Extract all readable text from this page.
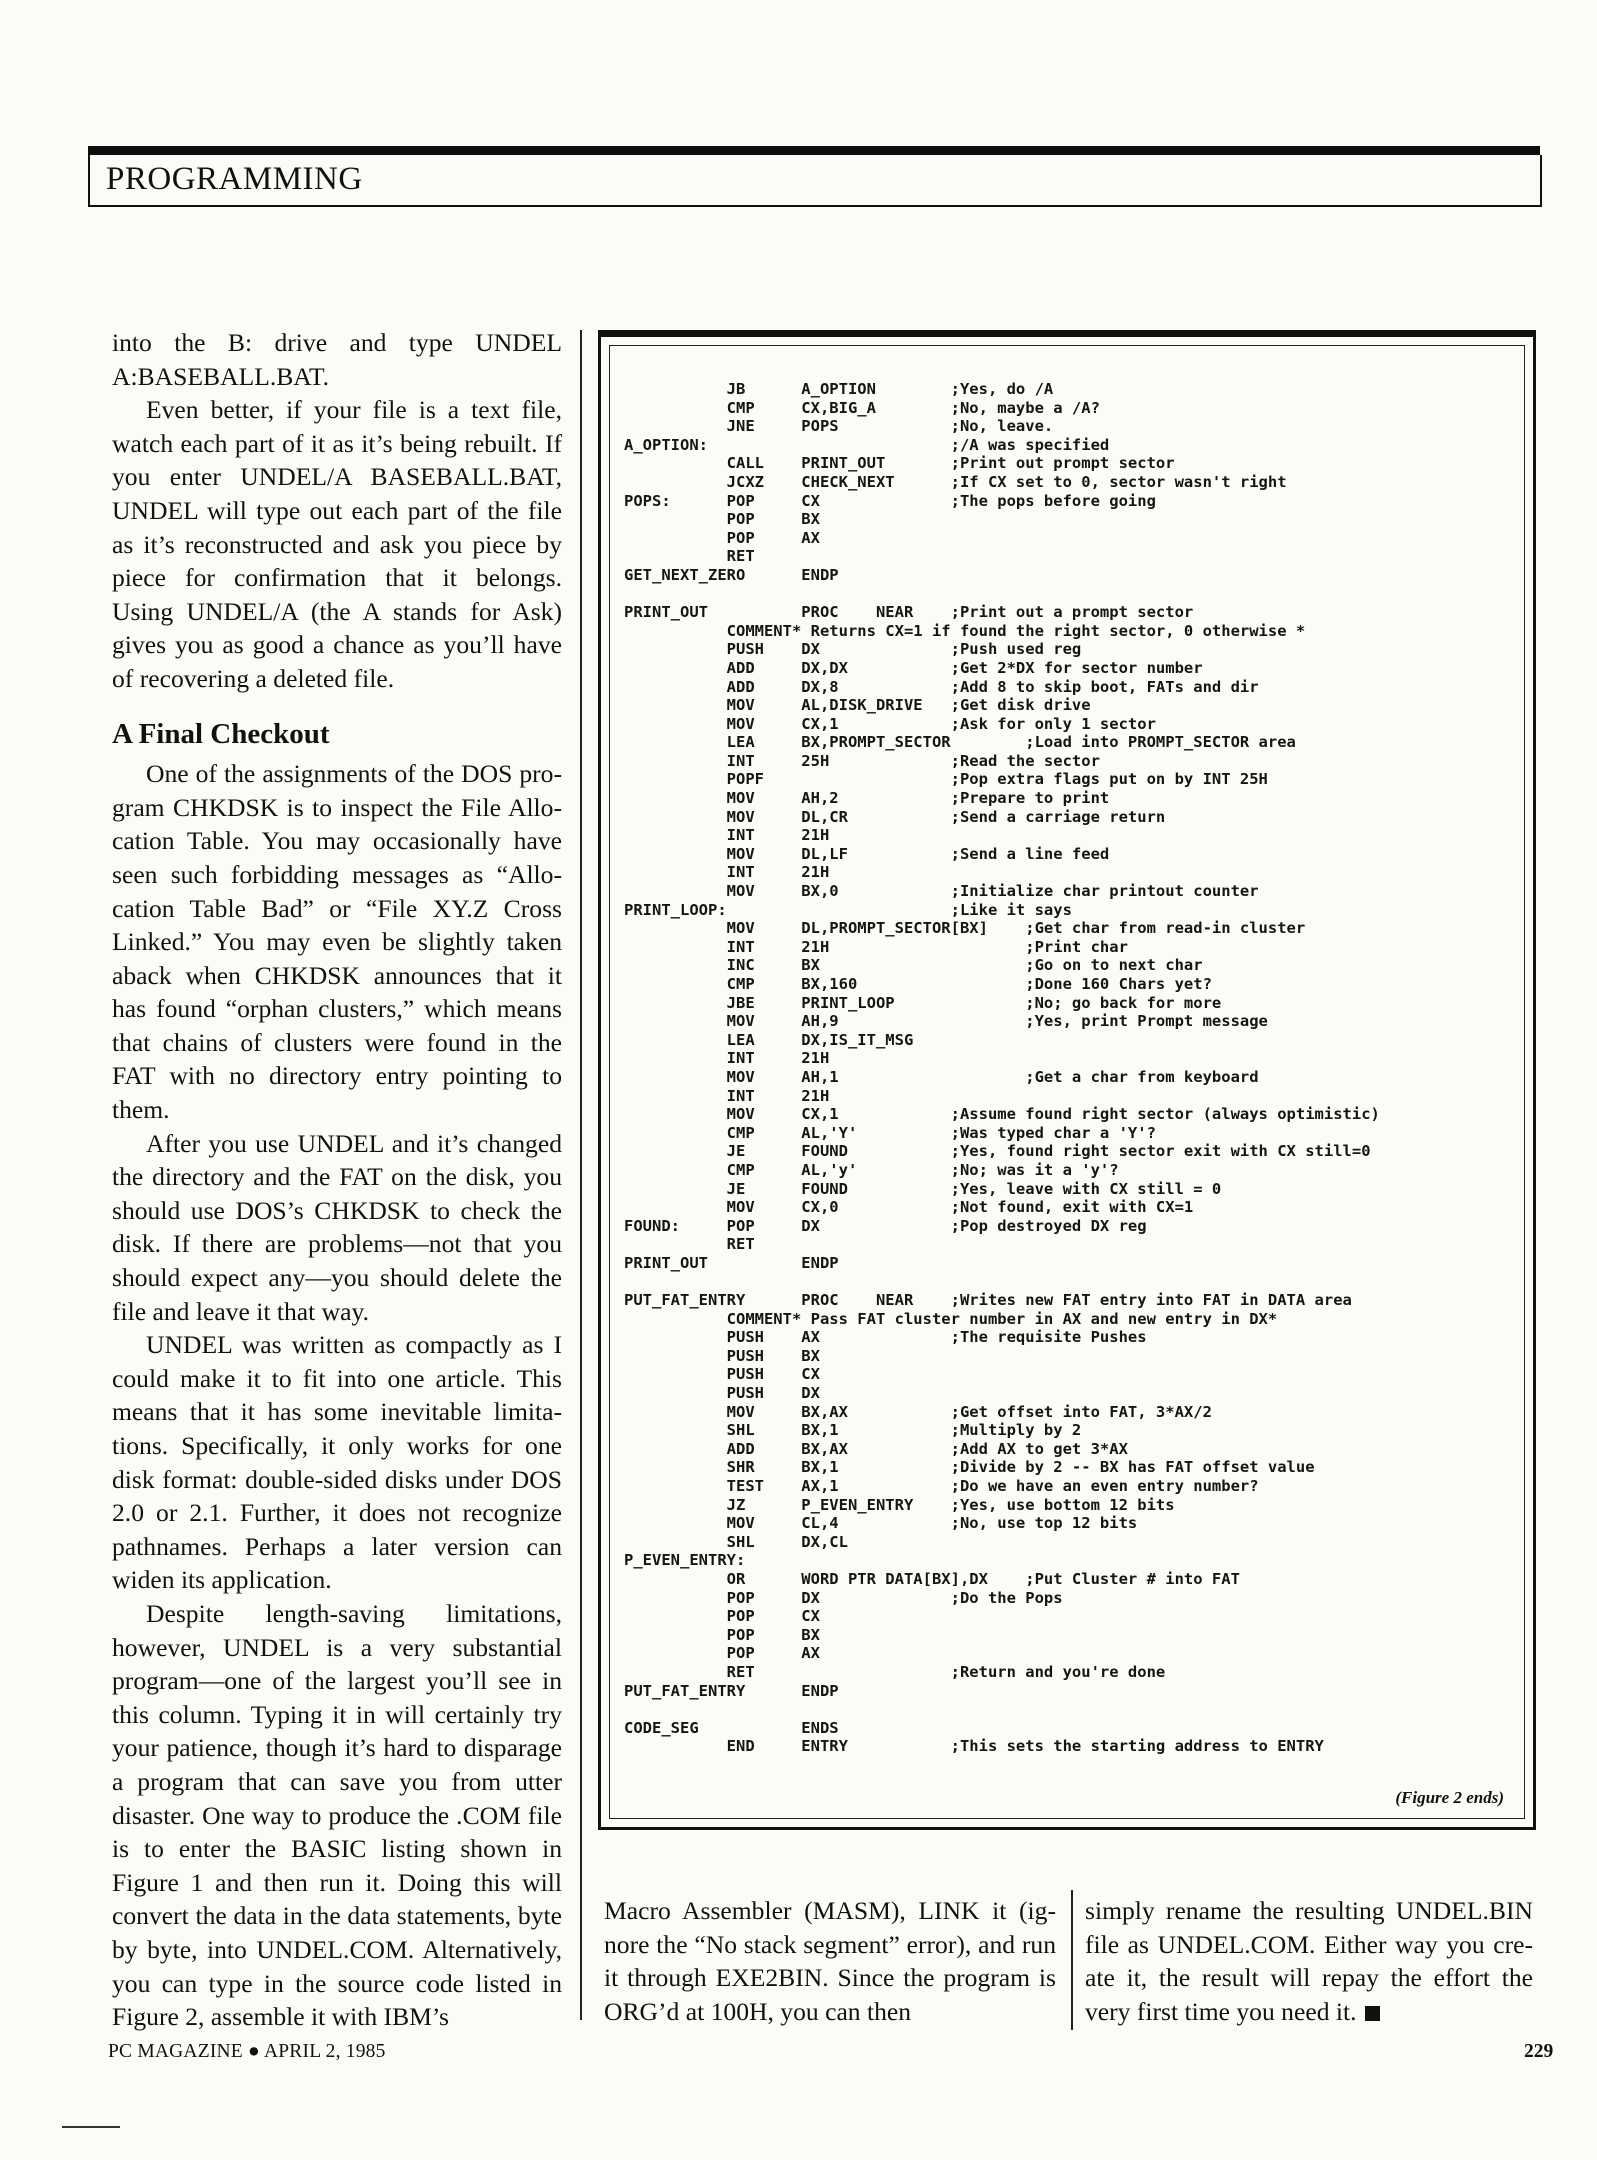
PROGRAMMING

into the B: drive and type UNDEL A:BASEBALL.BAT.

Even better, if your file is a text file, watch each part of it as it’s being rebuilt. If you enter UNDEL/A BASEBALL.BAT, UNDEL will type out each part of the file as it’s reconstructed and ask you piece by piece for confirmation that it belongs. Using UNDEL/A (the A stands for Ask) gives you as good a chance as you’ll have of recovering a deleted file.

A Final Checkout

One of the assignments of the DOS program CHKDSK is to inspect the File Allocation Table. You may occasionally have seen such forbidding messages as “Allocation Table Bad” or “File XY.Z Cross Linked.” You may even be slightly taken aback when CHKDSK announces that it has found “orphan clusters,” which means that chains of clusters were found in the FAT with no directory entry pointing to them.

After you use UNDEL and it’s changed the directory and the FAT on the disk, you should use DOS’s CHKDSK to check the disk. If there are problems—not that you should expect any—you should delete the file and leave it that way.

UNDEL was written as compactly as I could make it to fit into one article. This means that it has some inevitable limitations. Specifically, it only works for one disk format: double-sided disks under DOS 2.0 or 2.1. Further, it does not recognize pathnames. Perhaps a later version can widen its application.

Despite length-saving limitations, however, UNDEL is a very substantial program—one of the largest you’ll see in this column. Typing it in will certainly try your patience, though it’s hard to disparage a program that can save you from utter disaster. One way to produce the .COM file is to enter the BASIC listing shown in Figure 1 and then run it. Doing this will convert the data in the data statements, byte by byte, into UNDEL.COM. Alternatively, you can type in the source code listed in Figure 2, assemble it with IBM’s

JB      A_OPTION        ;Yes, do /A
CMP     CX,BIG_A        ;No, maybe a /A?
JNE     POPS            ;No, leave.
A_OPTION:                          ;/A was specified
CALL    PRINT_OUT       ;Print out prompt sector
JCXZ    CHECK_NEXT      ;If CX set to 0, sector wasn't right
POPS:      POP     CX              ;The pops before going
POP     BX
POP     AX
RET
GET_NEXT_ZERO      ENDP

PRINT_OUT          PROC    NEAR    ;Print out a prompt sector
COMMENT* Returns CX=1 if found the right sector, 0 otherwise *
PUSH    DX              ;Push used reg
ADD     DX,DX           ;Get 2*DX for sector number
ADD     DX,8            ;Add 8 to skip boot, FATs and dir
MOV     AL,DISK_DRIVE   ;Get disk drive
MOV     CX,1            ;Ask for only 1 sector
LEA     BX,PROMPT_SECTOR        ;Load into PROMPT_SECTOR area
INT     25H             ;Read the sector
POPF                    ;Pop extra flags put on by INT 25H
MOV     AH,2            ;Prepare to print
MOV     DL,CR           ;Send a carriage return
INT     21H
MOV     DL,LF           ;Send a line feed
INT     21H
MOV     BX,0            ;Initialize char printout counter
PRINT_LOOP:                        ;Like it says
MOV     DL,PROMPT_SECTOR[BX]    ;Get char from read-in cluster
INT     21H                     ;Print char
INC     BX                      ;Go on to next char
CMP     BX,160                  ;Done 160 Chars yet?
JBE     PRINT_LOOP              ;No; go back for more
MOV     AH,9                    ;Yes, print Prompt message
LEA     DX,IS_IT_MSG
INT     21H
MOV     AH,1                    ;Get a char from keyboard
INT     21H
MOV     CX,1            ;Assume found right sector (always optimistic)
CMP     AL,'Y'          ;Was typed char a 'Y'?
JE      FOUND           ;Yes, found right sector exit with CX still=0
CMP     AL,'y'          ;No; was it a 'y'?
JE      FOUND           ;Yes, leave with CX still = 0
MOV     CX,0            ;Not found, exit with CX=1
FOUND:     POP     DX              ;Pop destroyed DX reg
RET
PRINT_OUT          ENDP

PUT_FAT_ENTRY      PROC    NEAR    ;Writes new FAT entry into FAT in DATA area
COMMENT* Pass FAT cluster number in AX and new entry in DX*
PUSH    AX              ;The requisite Pushes
PUSH    BX
PUSH    CX
PUSH    DX
MOV     BX,AX           ;Get offset into FAT, 3*AX/2
SHL     BX,1            ;Multiply by 2
ADD     BX,AX           ;Add AX to get 3*AX
SHR     BX,1            ;Divide by 2 -- BX has FAT offset value
TEST    AX,1            ;Do we have an even entry number?
JZ      P_EVEN_ENTRY    ;Yes, use bottom 12 bits
MOV     CL,4            ;No, use top 12 bits
SHL     DX,CL
P_EVEN_ENTRY:
OR      WORD PTR DATA[BX],DX    ;Put Cluster # into FAT
POP     DX              ;Do the Pops
POP     CX
POP     BX
POP     AX
RET                     ;Return and you're done
PUT_FAT_ENTRY      ENDP

CODE_SEG           ENDS
END     ENTRY           ;This sets the starting address to ENTRY
(Figure 2 ends)

Macro Assembler (MASM), LINK it (ignore the “No stack segment” error), and run it through EXE2BIN. Since the program is ORG’d at 100H, you can then

simply rename the resulting UNDEL.BIN file as UNDEL.COM. Either way you create it, the result will repay the effort the very first time you need it.

PC MAGAZINE ● APRIL 2, 1985	229
